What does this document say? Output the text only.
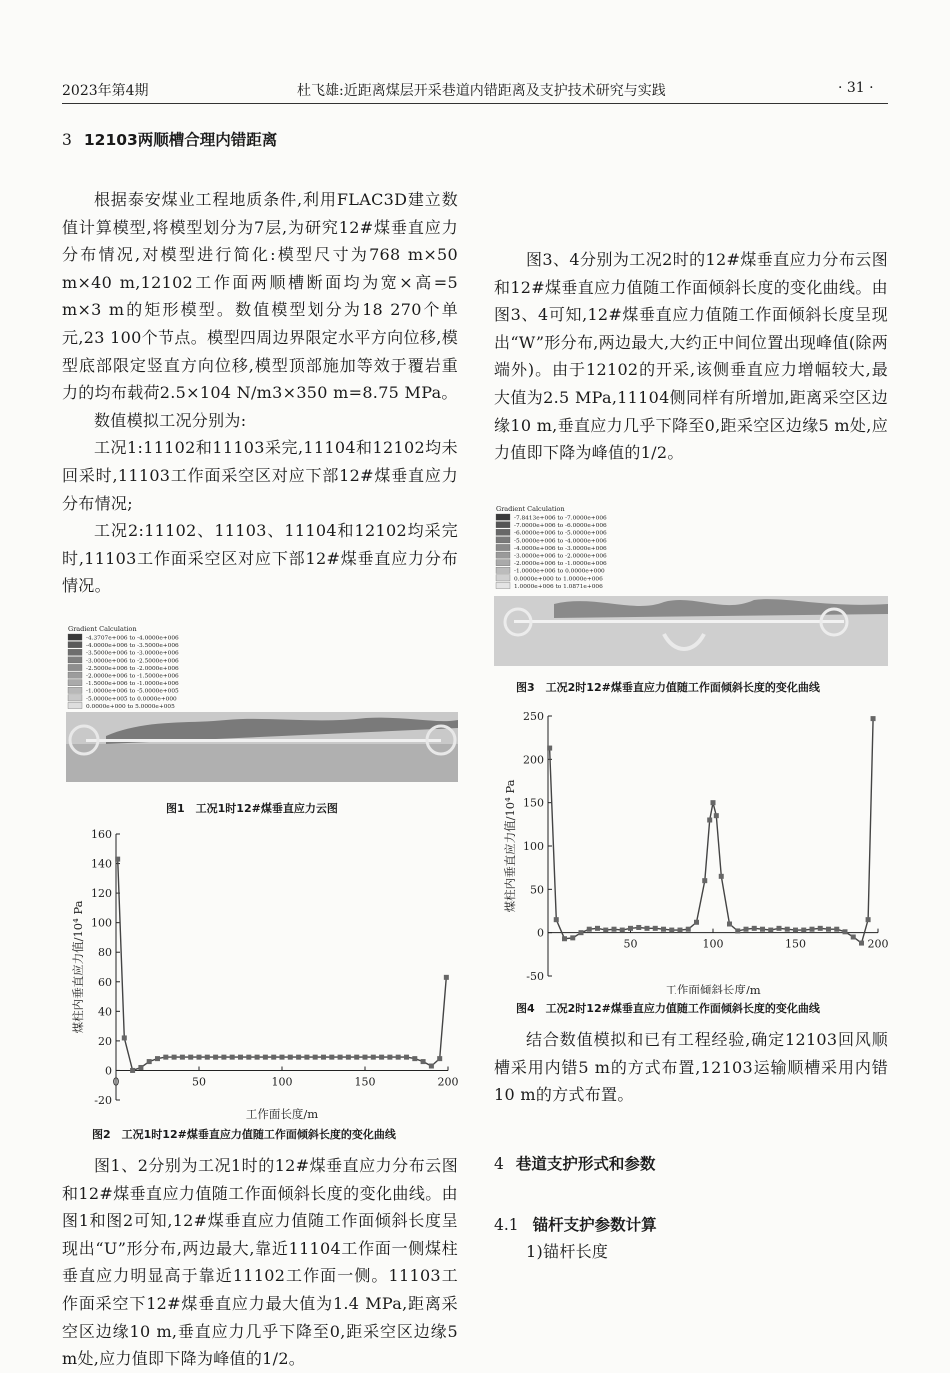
2023年第4期	杜飞雄:近距离煤层开采巷道内错距离及支护技术研究与实践	· 31 ·
3 12103两顺槽合理内错距离

根据泰安煤业工程地质条件,利用FLAC3D建立数值计算模型,将模型划分为7层,为研究12#煤垂直应力分布情况,对模型进行简化:模型尺寸为768 m×50 m×40 m,12102工作面两顺槽断面均为宽×高=5 m×3 m的矩形模型。数值模型划分为18 270个单元,23 100个节点。模型四周边界限定水平方向位移,模型底部限定竖直方向位移,模型顶部施加等效于覆岩重力的均布载荷2.5×104 N/m3×350 m=8.75 MPa。

数值模拟工况分别为:

工况1:11102和11103采完,11104和12102均未回采时,11103工作面采空区对应下部12#煤垂直应力分布情况;

工况2:11102、11103、11104和12102均采完时,11103工作面采空区对应下部12#煤垂直应力分布情况。

Gradient Calculation
-4.3707e+006 to -4.0000e+006
-4.0000e+006 to -3.5000e+006
-3.5000e+006 to -3.0000e+006
-3.0000e+006 to -2.5000e+006
-2.5000e+006 to -2.0000e+006
-2.0000e+006 to -1.5000e+006
-1.5000e+006 to -1.0000e+006
-1.0000e+006 to -5.0000e+005
-5.0000e+005 to 0.0000e+000
0.0000e+000 to 5.0000e+005
图1　工况1时12#煤垂直应力云图
-20
0
20
40
60
80
100
120
140
160
0	50	100	150	200
工作面长度/m
煤柱内垂直应力值/10⁴ Pa
图2　工况1时12#煤垂直应力值随工作面倾斜长度的变化曲线

图1、2分别为工况1时的12#煤垂直应力分布云图和12#煤垂直应力值随工作面倾斜长度的变化曲线。由图1和图2可知,12#煤垂直应力值随工作面倾斜长度呈现出“U”形分布,两边最大,靠近11104工作面一侧煤柱垂直应力明显高于靠近11102工作面一侧。11103工作面采空下12#煤垂直应力最大值为1.4 MPa,距离采空区边缘10 m,垂直应力几乎下降至0,距采空区边缘5 m处,应力值即下降为峰值的1/2。

图3、4分别为工况2时的12#煤垂直应力分布云图和12#煤垂直应力值随工作面倾斜长度的变化曲线。由图3、4可知,12#煤垂直应力值随工作面倾斜长度呈现出“W”形分布,两边最大,大约正中间位置出现峰值(除两端外)。由于12102的开采,该侧垂直应力增幅较大,最大值为2.5 MPa,11104侧同样有所增加,距离采空区边缘10 m,垂直应力几乎下降至0,距采空区边缘5 m处,应力值即下降为峰值的1/2。

Gradient Calculation
-7.8413e+006 to -7.0000e+006
-7.0000e+006 to -6.0000e+006
-6.0000e+006 to -5.0000e+006
-5.0000e+006 to -4.0000e+006
-4.0000e+006 to -3.0000e+006
-3.0000e+006 to -2.0000e+006
-2.0000e+006 to -1.0000e+006
-1.0000e+006 to 0.0000e+000
0.0000e+000 to 1.0000e+006
1.0000e+006 to 1.0871e+006
图3　工况2时12#煤垂直应力值随工作面倾斜长度的变化曲线
-50
0
50
100
150
200
250
50	100	150	200
工作面倾斜长度/m
煤柱内垂直应力值/10⁴ Pa
图4　工况2时12#煤垂直应力值随工作面倾斜长度的变化曲线

结合数值模拟和已有工程经验,确定12103回风顺槽采用内错5 m的方式布置,12103运输顺槽采用内错10 m的方式布置。

4 巷道支护形式和参数
4.1 锚杆支护参数计算
1)锚杆长度
